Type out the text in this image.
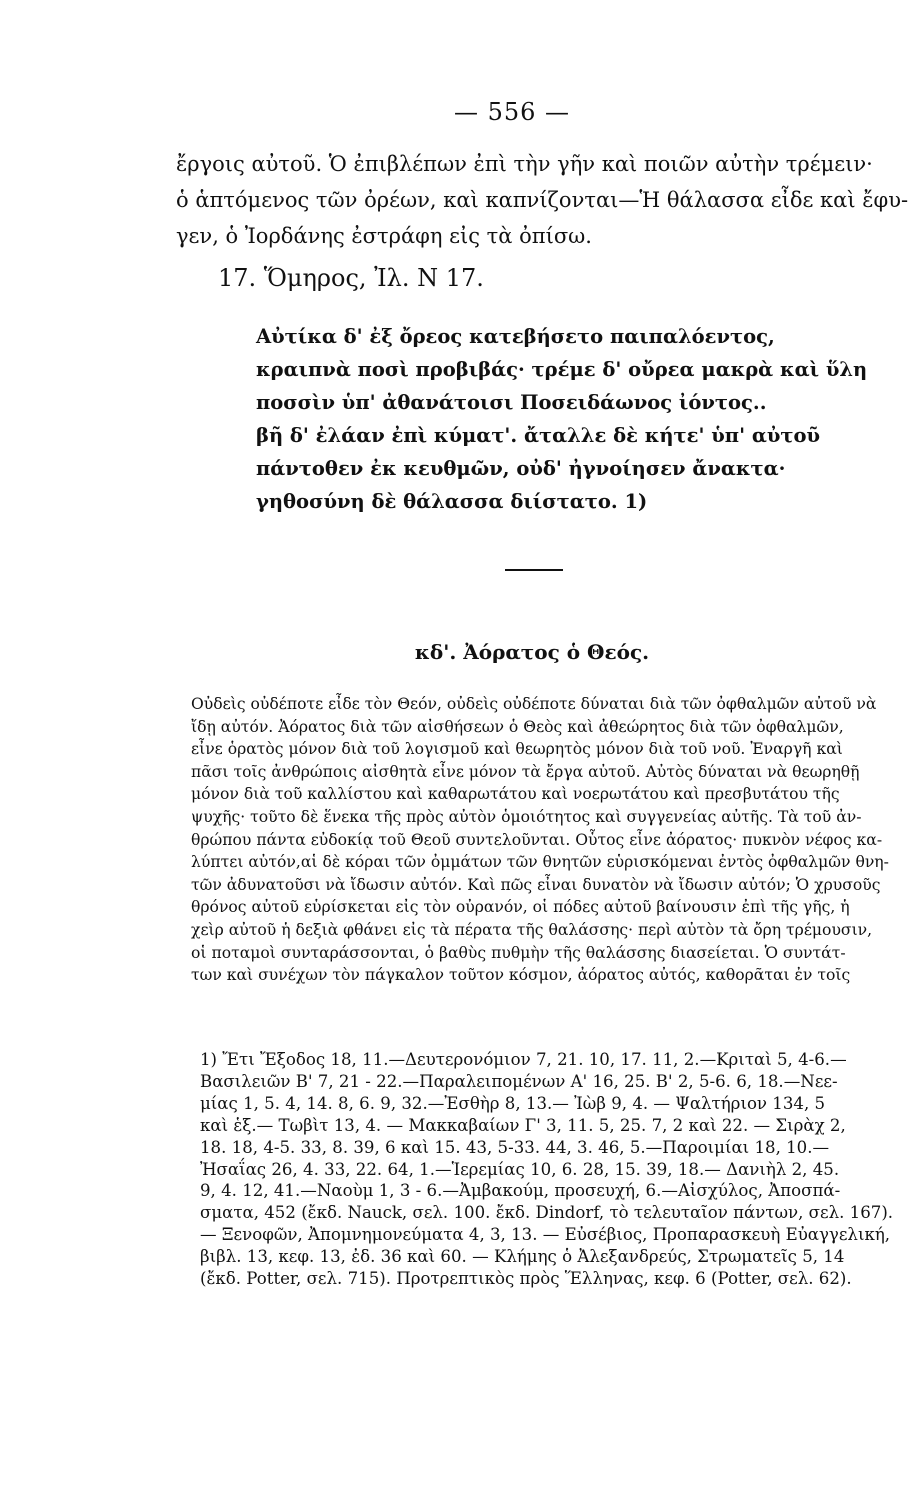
— 556 —
ἔργοις αὐτοῦ. Ὁ ἐπιβλέπων ἐπὶ τὴν γῆν καὶ ποιῶν αὐτὴν τρέμειν·
ὁ ἁπτόμενος τῶν ὀρέων, καὶ καπνίζονται—Ἡ θάλασσα εἶδε καὶ ἔφυ-
γεν, ὁ Ἰορδάνης ἐστράφη εἰς τὰ ὀπίσω.
17. Ὅμηρος, Ἰλ. Ν 17.
Αὐτίκα δ' ἐξ ὄρεος κατεβήσετο παιπαλόεντος,
κραιπνὰ ποσὶ προβιβάς· τρέμε δ' οὔρεα μακρὰ καὶ ὕλη
ποσσὶν ὑπ' ἀθανάτοισι Ποσειδάωνος ἰόντος..
βῆ δ' ἐλάαν ἐπὶ κύματ'. ἄταλλε δὲ κήτε' ὑπ' αὐτοῦ
πάντοθεν ἐκ κευθμῶν, οὐδ' ἠγνοίησεν ἄνακτα·
γηθοσύνη δὲ θάλασσα διίστατο. 1)
κδ'. Ἀόρατος ὁ Θεός.
Οὐδεὶς οὐδέποτε εἶδε τὸν Θεόν, οὐδεὶς οὐδέποτε δύναται διὰ τῶν ὀφθαλμῶν αὐτοῦ νὰ
ἴδῃ αὐτόν. Ἀόρατος διὰ τῶν αἰσθήσεων ὁ Θεὸς καὶ ἀθεώρητος διὰ τῶν ὀφθαλμῶν,
εἶνε ὁρατὸς μόνον διὰ τοῦ λογισμοῦ καὶ θεωρητὸς μόνον διὰ τοῦ νοῦ. Ἐναργῆ καὶ
πᾶσι τοῖς ἀνθρώποις αἰσθητὰ εἶνε μόνον τὰ ἔργα αὐτοῦ. Αὐτὸς δύναται νὰ θεωρηθῇ
μόνον διὰ τοῦ καλλίστου καὶ καθαρωτάτου καὶ νοερωτάτου καὶ πρεσβυτάτου τῆς
ψυχῆς· τοῦτο δὲ ἕνεκα τῆς πρὸς αὐτὸν ὁμοιότητος καὶ συγγενείας αὐτῆς. Τὰ τοῦ ἀν-
θρώπου πάντα εὐδοκίᾳ τοῦ Θεοῦ συντελοῦνται. Οὗτος εἶνε ἀόρατος· πυκνὸν νέφος κα-
λύπτει αὐτόν,αἱ δὲ κόραι τῶν ὀμμάτων τῶν θνητῶν εὑρισκόμεναι ἐντὸς ὀφθαλμῶν θνη-
τῶν ἀδυνατοῦσι νὰ ἴδωσιν αὐτόν. Καὶ πῶς εἶναι δυνατὸν νὰ ἴδωσιν αὐτόν; Ὁ χρυσοῦς
θρόνος αὐτοῦ εὑρίσκεται εἰς τὸν οὐρανόν, οἱ πόδες αὐτοῦ βαίνουσιν ἐπὶ τῆς γῆς, ἡ
χεὶρ αὐτοῦ ἡ δεξιὰ φθάνει εἰς τὰ πέρατα τῆς θαλάσσης· περὶ αὐτὸν τὰ ὄρη τρέμουσιν,
οἱ ποταμοὶ συνταράσσονται, ὁ βαθὺς πυθμὴν τῆς θαλάσσης διασείεται. Ὁ συντάτ-
των καὶ συνέχων τὸν πάγκαλον τοῦτον κόσμον, ἀόρατος αὐτός, καθορᾶται ἐν τοῖς
1) Ἔτι Ἔξοδος 18, 11.—Δευτερονόμιον 7, 21. 10, 17. 11, 2.—Κριταὶ 5, 4-6.—
Βασιλειῶν Β' 7, 21 - 22.—Παραλειπομένων Α' 16, 25. Β' 2, 5-6. 6, 18.—Νεε-
μίας 1, 5. 4, 14. 8, 6. 9, 32.—Ἐσθὴρ 8, 13.— Ἰὼβ 9, 4. — Ψαλτήριον 134, 5
καὶ ἑξ.— Τωβὶτ 13, 4. — Μακκαβαίων Γ' 3, 11. 5, 25. 7, 2 καὶ 22. — Σιρὰχ 2,
18. 18, 4-5. 33, 8. 39, 6 καὶ 15. 43, 5-33. 44, 3. 46, 5.—Παροιμίαι 18, 10.—
Ἠσαΐας 26, 4. 33, 22. 64, 1.—Ἱερεμίας 10, 6. 28, 15. 39, 18.— Δανιὴλ 2, 45.
9, 4. 12, 41.—Ναοὺμ 1, 3 - 6.—Ἀμβακούμ, προσευχή, 6.—Αἰσχύλος, Ἀποσπά-
σματα, 452 (ἔκδ. Nauck, σελ. 100. ἔκδ. Dindorf, τὸ τελευταῖον πάντων, σελ. 167).
— Ξενοφῶν, Ἀπομνημονεύματα 4, 3, 13. — Εὐσέβιος, Προπαρασκευὴ Εὐαγγελική,
βιβλ. 13, κεφ. 13, ἐδ. 36 καὶ 60. — Κλήμης ὁ Ἀλεξανδρεύς, Στρωματεῖς 5, 14
(ἔκδ. Potter, σελ. 715). Προτρεπτικὸς πρὸς Ἕλληνας, κεφ. 6 (Potter, σελ. 62).
